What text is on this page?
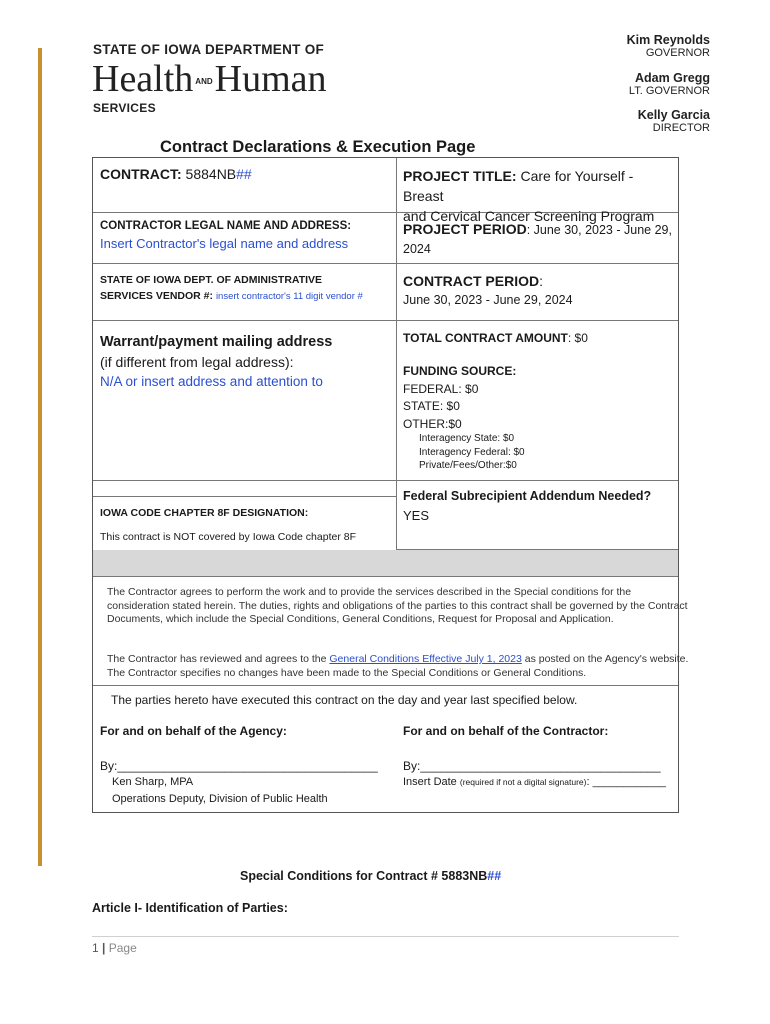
STATE OF IOWA DEPARTMENT OF
Health ANDHuman
SERVICES
Kim Reynolds
GOVERNOR
Adam Gregg
LT. GOVERNOR
Kelly Garcia
DIRECTOR
Contract Declarations & Execution Page
CONTRACT: 5884NB##	PROJECT TITLE: Care for Yourself - Breast
and Cervical Cancer Screening Program
CONTRACTOR LEGAL NAME AND ADDRESS:
Insert Contractor's legal name and address
PROJECT PERIOD: June 30, 2023 - June 29,
2024
STATE OF IOWA DEPT. OF ADMINISTRATIVE
SERVICES VENDOR #: insert contractor's 11 digit vendor #
CONTRACT PERIOD:
June 30, 2023 - June 29, 2024
Warrant/payment mailing address
(if different from legal address):
N/A or insert address and attention to
TOTAL CONTRACT AMOUNT: $0
FUNDING SOURCE:
FEDERAL: $0
STATE: $0
OTHER:$0
Interagency State: $0
Interagency Federal: $0
Private/Fees/Other:$0
Federal Subrecipient Addendum Needed?
YES
IOWA CODE CHAPTER 8F DESIGNATION:
This contract is NOT covered by Iowa Code chapter 8F
The Contractor agrees to perform the work and to provide the services described in the Special conditions for the consideration stated herein. The duties, rights and obligations of the parties to this contract shall be governed by the Contract Documents, which include the Special Conditions, General Conditions, Request for Proposal and Application.
The Contractor has reviewed and agrees to the General Conditions Effective July 1, 2023 as posted on the Agency's website. The Contractor specifies no changes have been made to the Special Conditions or General Conditions.
The parties hereto have executed this contract on the day and year last specified below.
For and on behalf of the Agency:	For and on behalf of the Contractor:
By:_______________________________________
Ken Sharp, MPA
Operations Deputy, Division of Public Health
By:____________________________________
Insert Date (required if not a digital signature): ____________
Special Conditions for Contract # 5883NB##
Article I- Identification of Parties:
1 | Page
